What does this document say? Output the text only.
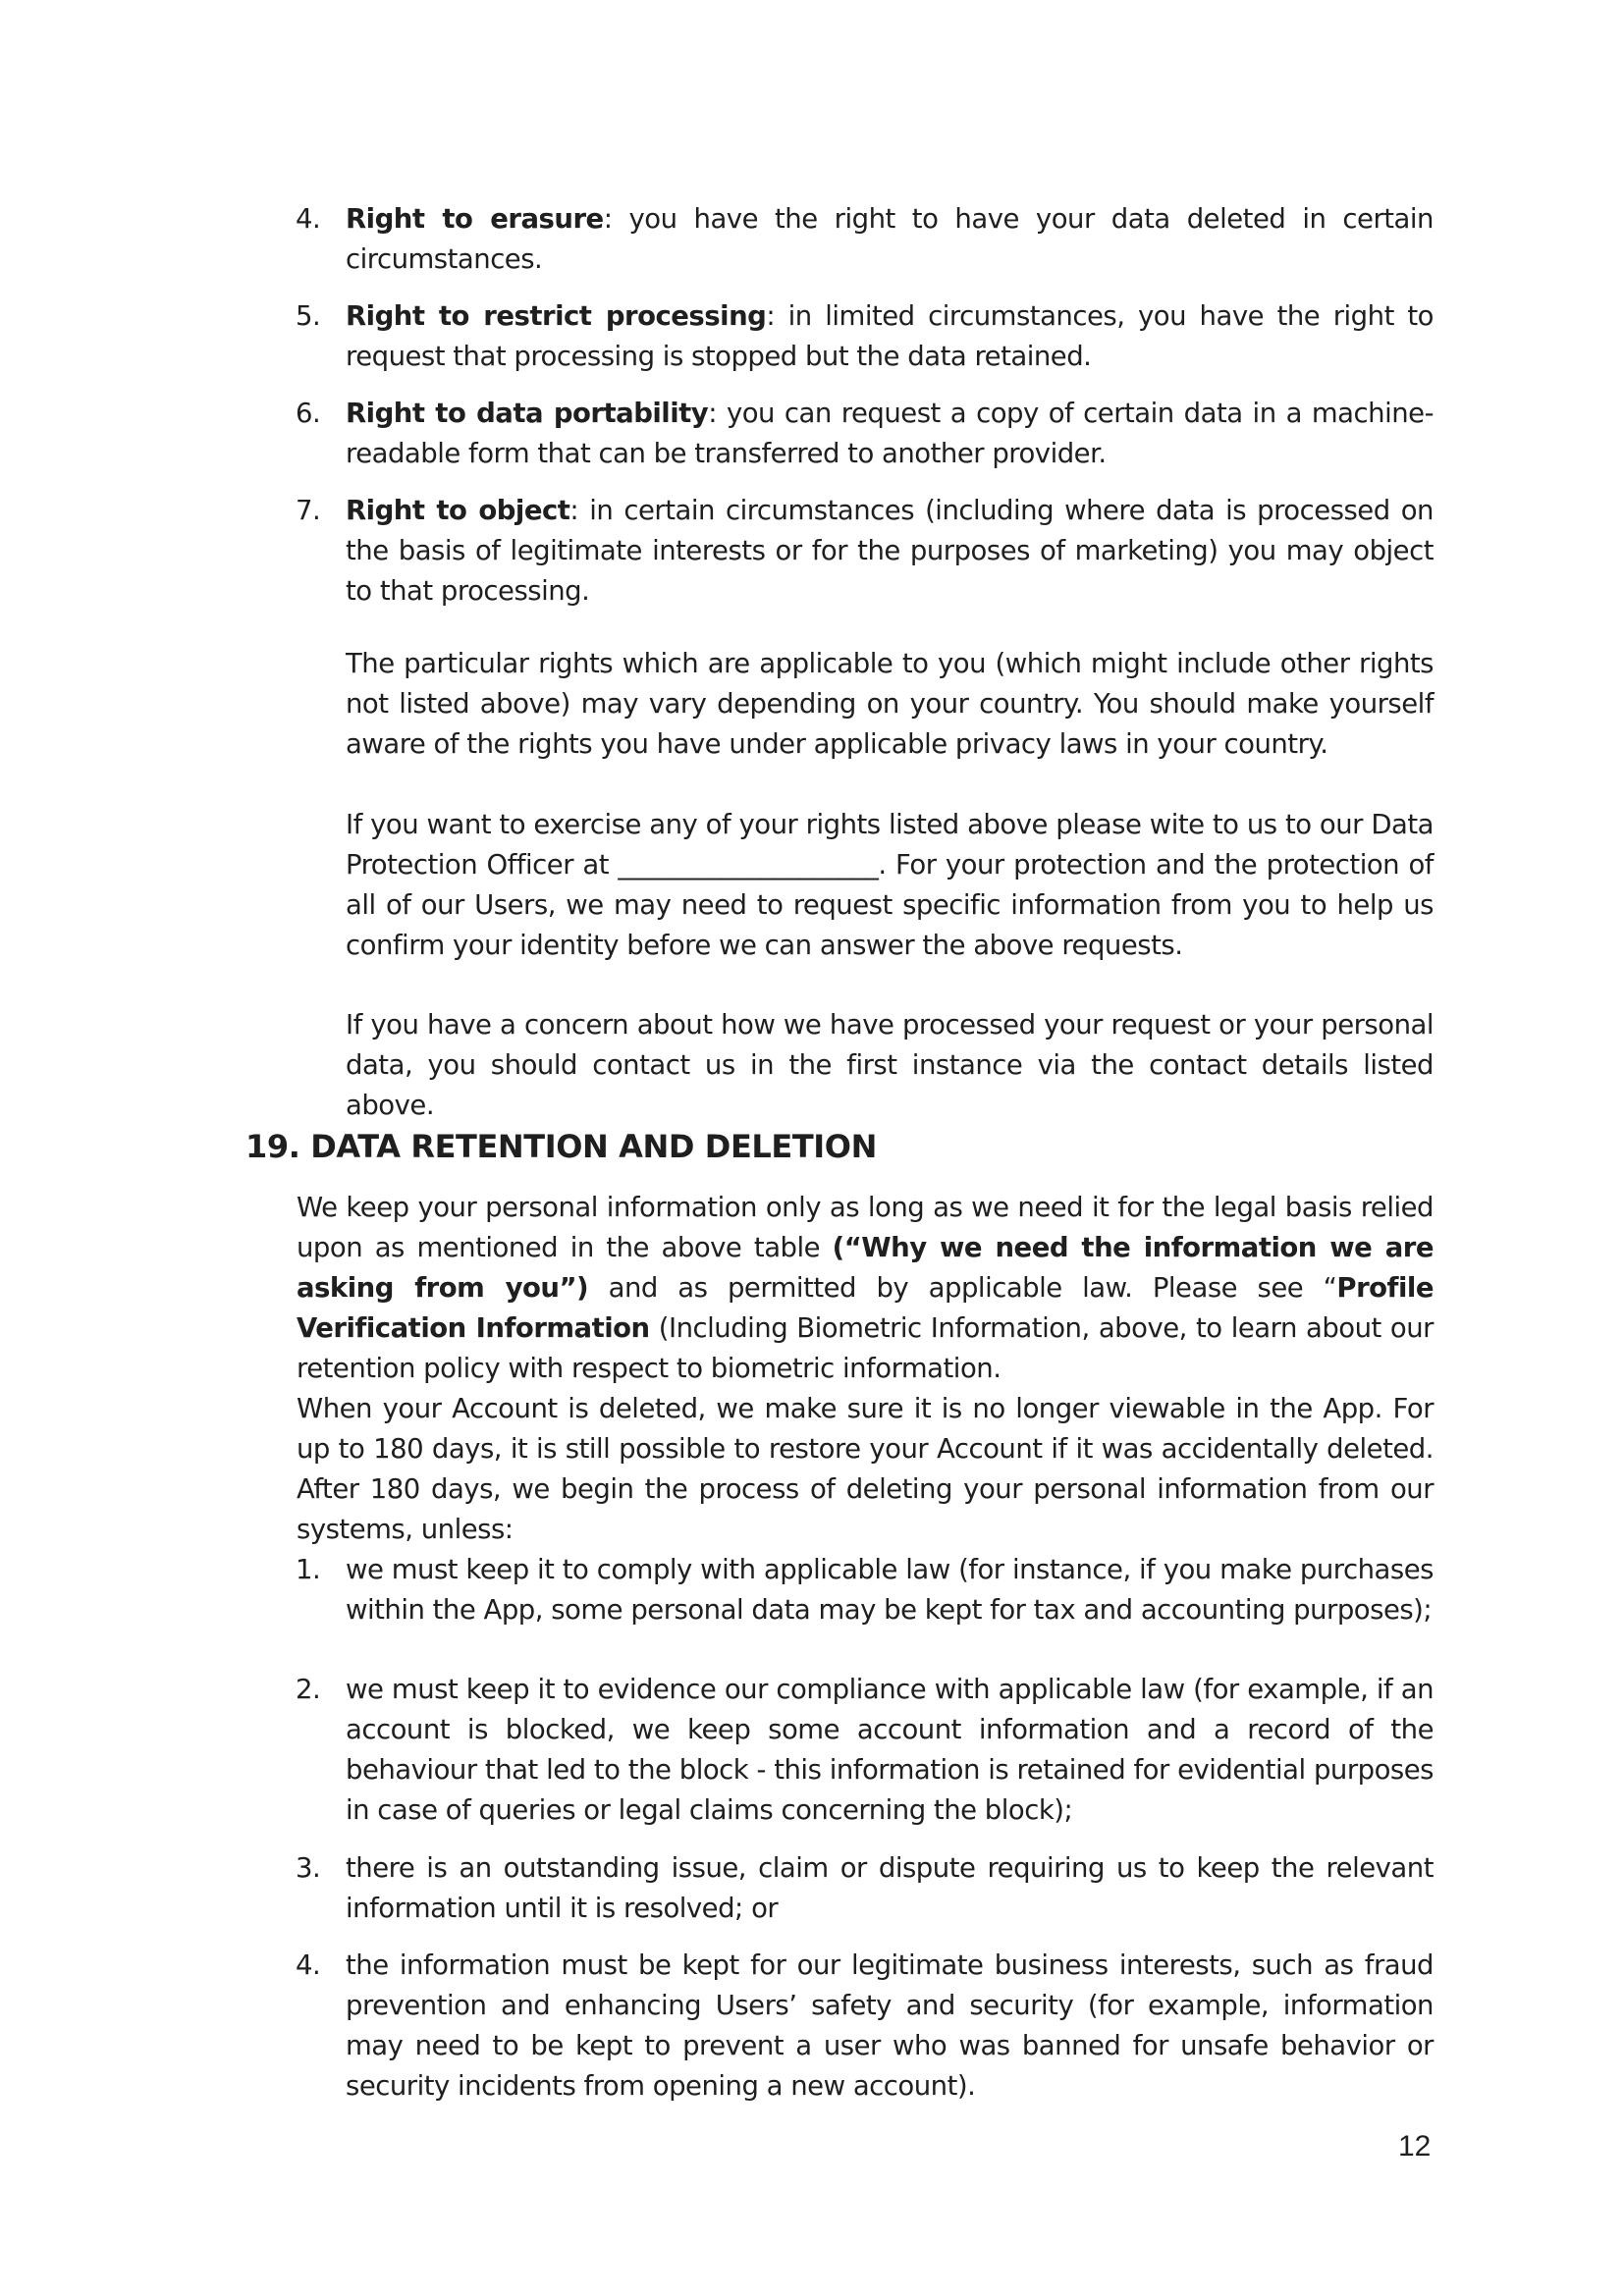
4. Right to erasure: you have the right to have your data deleted in certain circumstances.
5. Right to restrict processing: in limited circumstances, you have the right to request that processing is stopped but the data retained.
6. Right to data portability: you can request a copy of certain data in a machine-readable form that can be transferred to another provider.
7. Right to object: in certain circumstances (including where data is processed on the basis of legitimate interests or for the purposes of marketing) you may object to that processing.
The particular rights which are applicable to you (which might include other rights not listed above) may vary depending on your country. You should make yourself aware of the rights you have under applicable privacy laws in your country.
If you want to exercise any of your rights listed above please wite to us to our Data Protection Officer at ____________________. For your protection and the protection of all of our Users, we may need to request specific information from you to help us confirm your identity before we can answer the above requests.
If you have a concern about how we have processed your request or your personal data, you should contact us in the first instance via the contact details listed above.
19. DATA RETENTION AND DELETION
We keep your personal information only as long as we need it for the legal basis relied upon as mentioned in the above table (“Why we need the information we are asking from you”) and as permitted by applicable law. Please see “Profile Verification Information (Including Biometric Information, above, to learn about our retention policy with respect to biometric information.
When your Account is deleted, we make sure it is no longer viewable in the App. For up to 180 days, it is still possible to restore your Account if it was accidentally deleted. After 180 days, we begin the process of deleting your personal information from our systems, unless:
1. we must keep it to comply with applicable law (for instance, if you make purchases within the App, some personal data may be kept for tax and accounting purposes);
2. we must keep it to evidence our compliance with applicable law (for example, if an account is blocked, we keep some account information and a record of the behaviour that led to the block - this information is retained for evidential purposes in case of queries or legal claims concerning the block);
3. there is an outstanding issue, claim or dispute requiring us to keep the relevant information until it is resolved; or
4. the information must be kept for our legitimate business interests, such as fraud prevention and enhancing Users’ safety and security (for example, information may need to be kept to prevent a user who was banned for unsafe behavior or security incidents from opening a new account).
12
